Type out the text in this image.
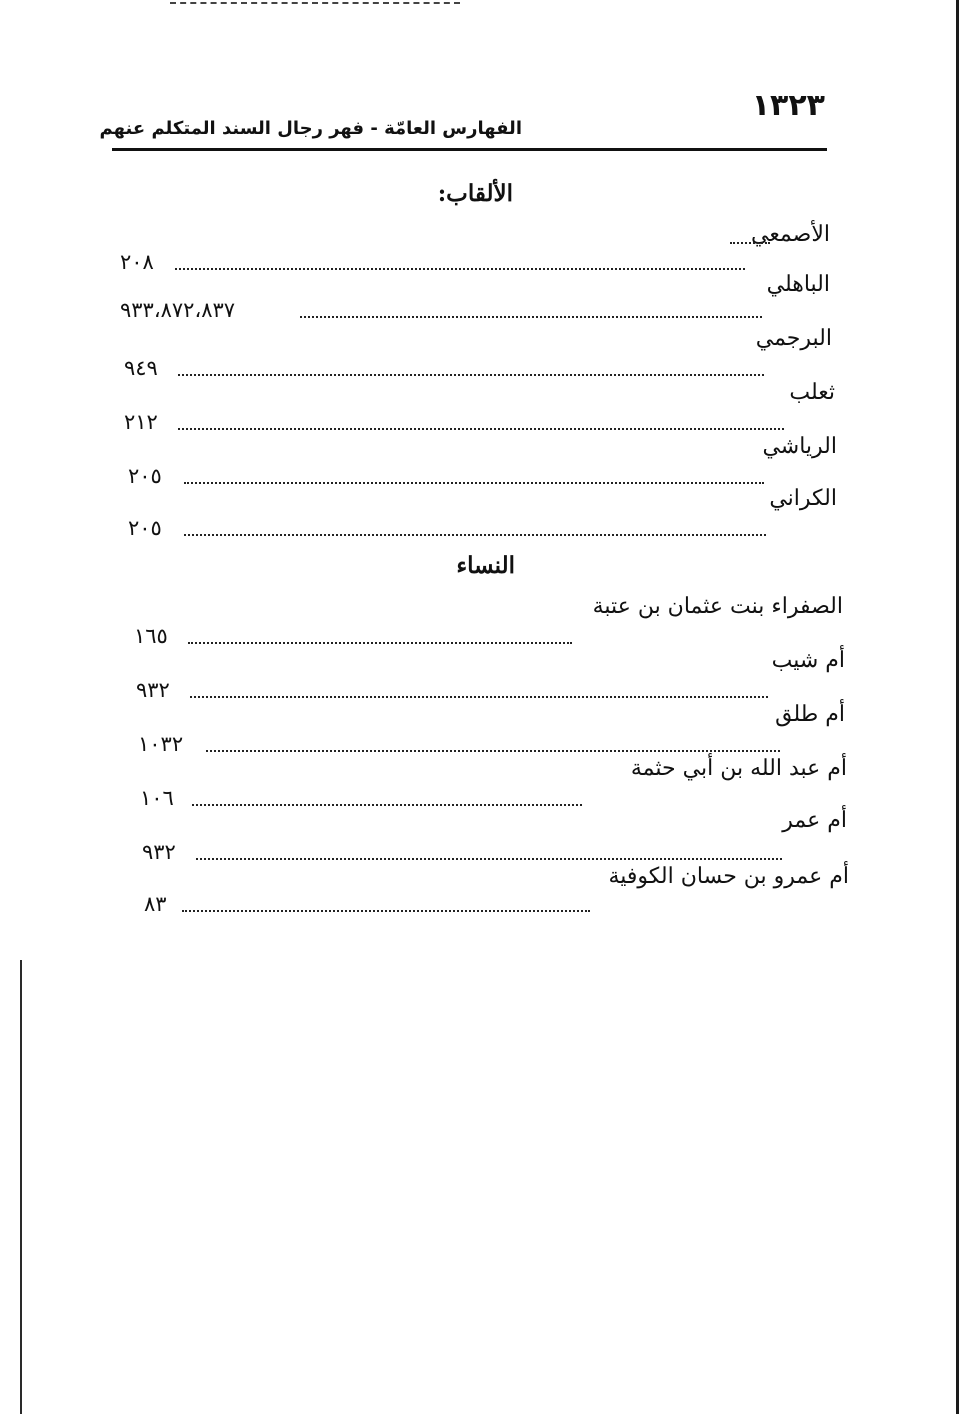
١٣٢٣
الفهارس العامّة - فهر رجال السند المتكلم عنهم
الألقاب:
الأصمعي
٢٠٨
الباهلي
٩٣٣،٨٧٢،٨٣٧
البرجمي
٩٤٩
ثعلب
٢١٢
الرياشي
٢٠٥
الكراني
٢٠٥
النساء
الصفراء بنت عثمان بن عتبة
١٦٥
أم شيب
٩٣٢
أم طلق
١٠٣٢
أم عبد الله بن أبي حثمة
١٠٦
أم عمر
٩٣٢
أم عمرو بن حسان الكوفية
٨٣
